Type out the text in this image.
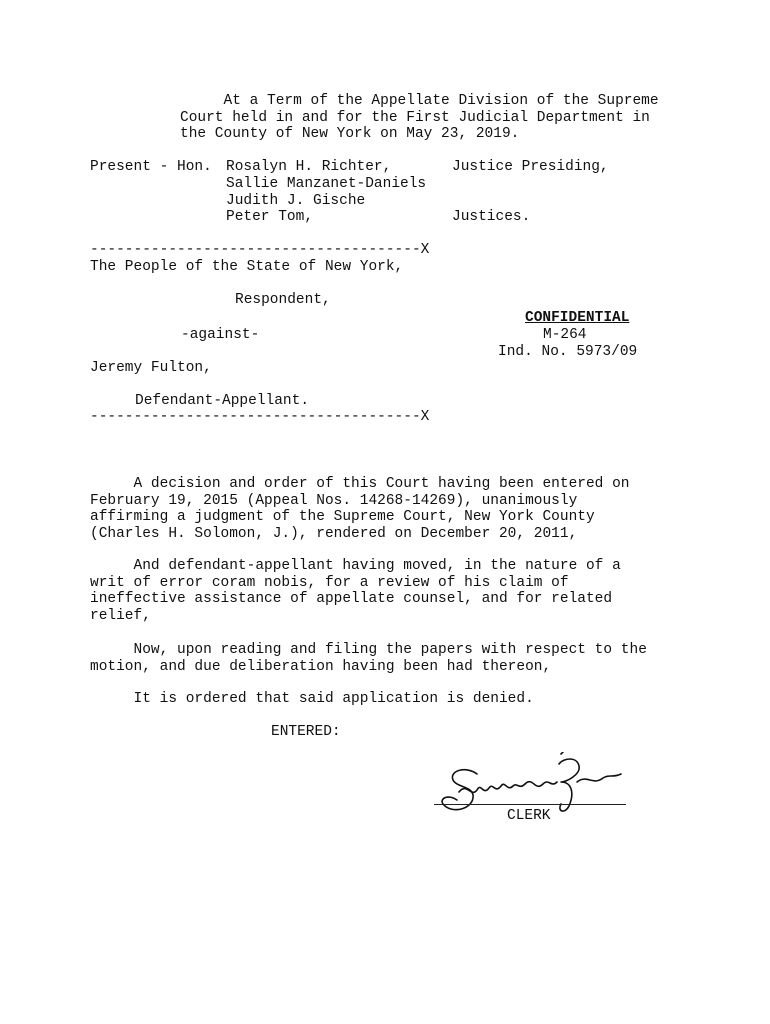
At a Term of the Appellate Division of the Supreme
Court held in and for the First Judicial Department in
the County of New York on May 23, 2019.
Present - Hon. Rosalyn H. Richter,	Justice Presiding,
Sallie Manzanet-Daniels
Judith J. Gische
Peter Tom,	Justices.
--------------------------------------X
The People of the State of New York,
Respondent,
CONFIDENTIAL
-against-	M-264
Ind. No. 5973/09
Jeremy Fulton,
Defendant-Appellant.
--------------------------------------X
A decision and order of this Court having been entered on
February 19, 2015 (Appeal Nos. 14268-14269), unanimously
affirming a judgment of the Supreme Court, New York County
(Charles H. Solomon, J.), rendered on December 20, 2011,
And defendant-appellant having moved, in the nature of a
writ of error coram nobis, for a review of his claim of
ineffective assistance of appellate counsel, and for related
relief,
Now, upon reading and filing the papers with respect to the
motion, and due deliberation having been had thereon,
It is ordered that said application is denied.
ENTERED:
CLERK
